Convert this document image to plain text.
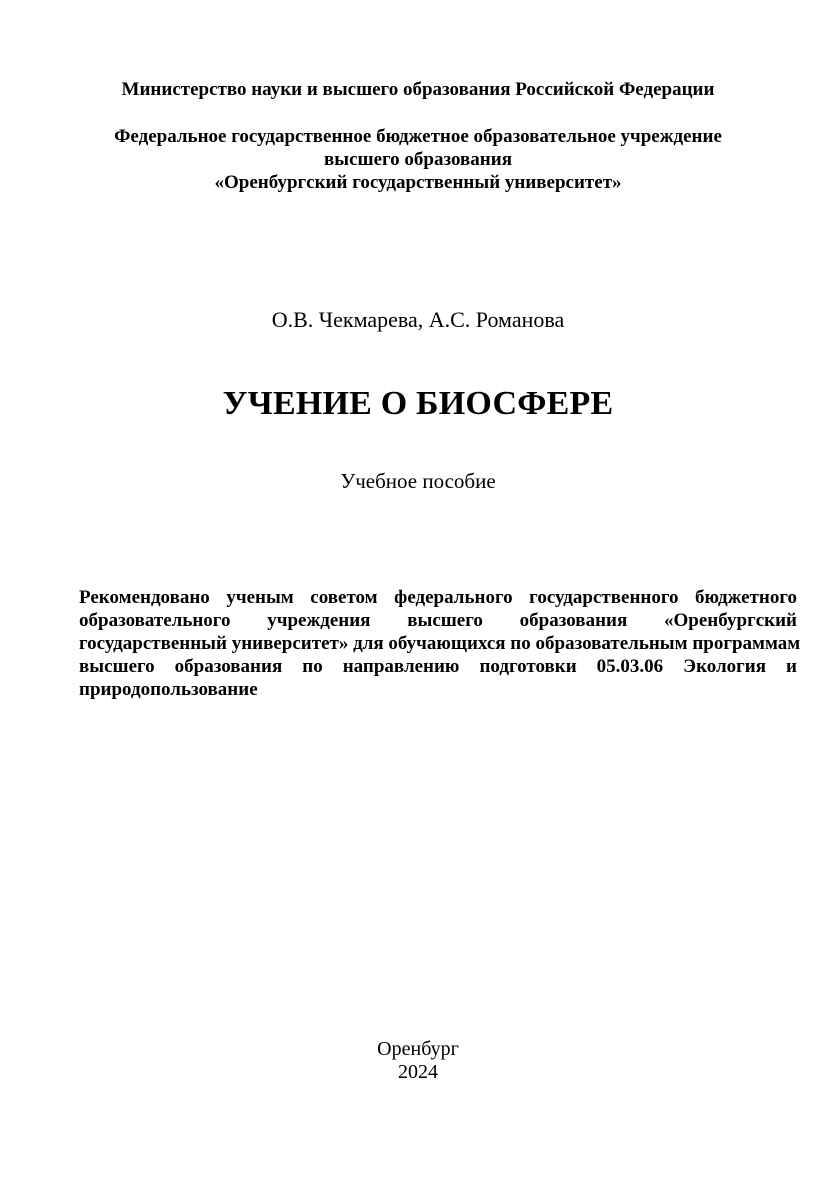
Министерство науки и высшего образования Российской Федерации
Федеральное государственное бюджетное образовательное учреждение
высшего образования
«Оренбургский государственный университет»
О.В. Чекмарева, А.С. Романова
УЧЕНИЕ О БИОСФЕРЕ
Учебное пособие
Рекомендовано ученым советом федерального государственного бюджетного
образовательного учреждения высшего образования «Оренбургский
государственный университет» для обучающихся по образовательным программам
высшего образования по направлению подготовки 05.03.06 Экология и
природопользование
Оренбург
2024
